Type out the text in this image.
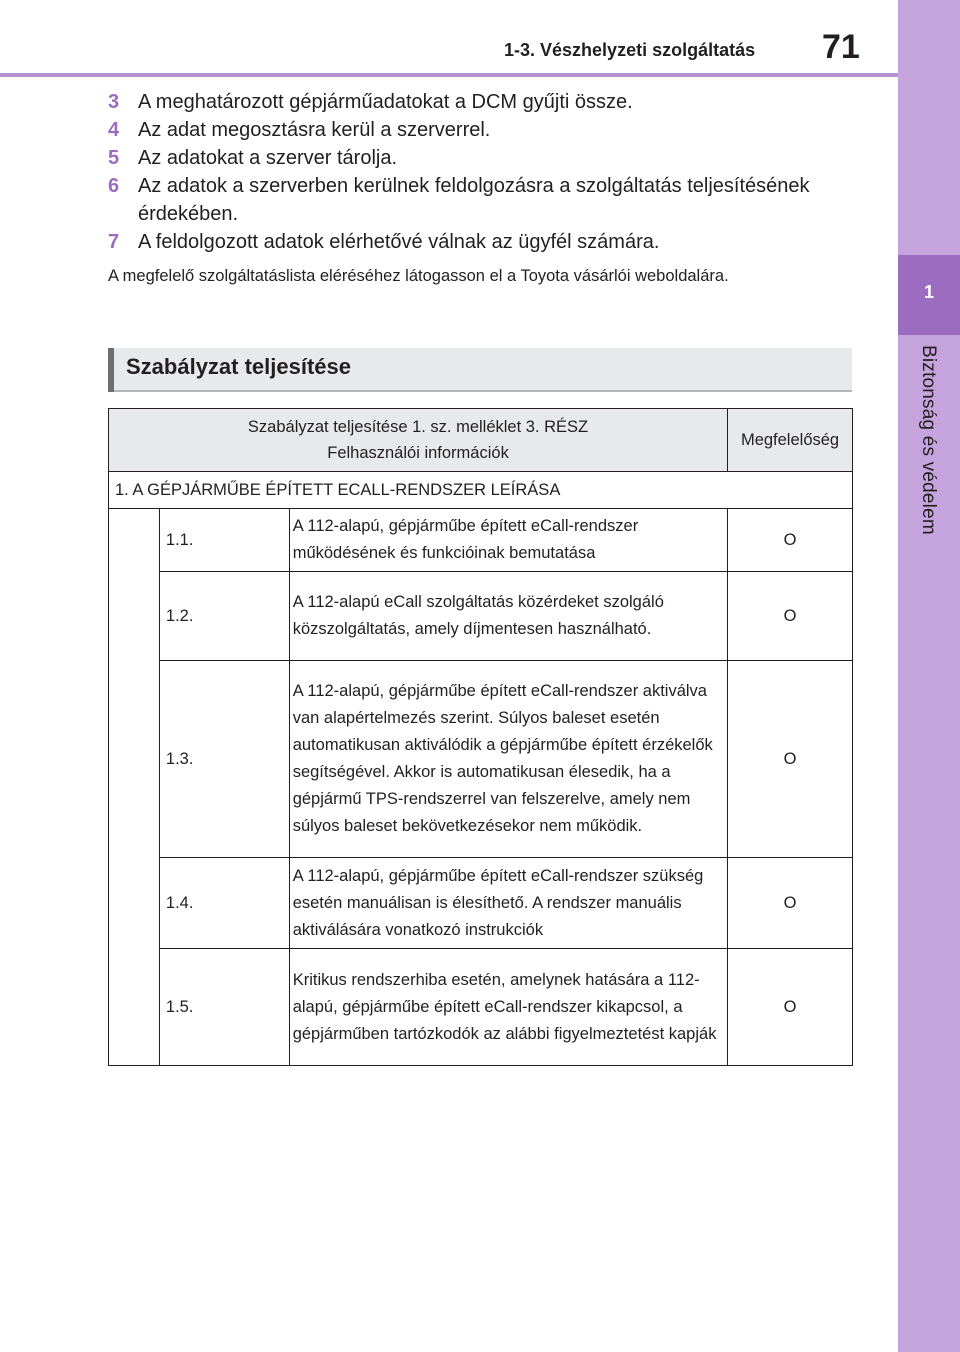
1-3. Vészhelyzeti szolgáltatás 71
1
Biztonság és védelem
3 A meghatározott gépjárműadatokat a DCM gyűjti össze.
4 Az adat megosztásra kerül a szerverrel.
5 Az adatokat a szerver tárolja.
6 Az adatok a szerverben kerülnek feldolgozásra a szolgáltatás teljesítésének érdekében.
7 A feldolgozott adatok elérhetővé válnak az ügyfél számára.
A megfelelő szolgáltatáslista eléréséhez látogasson el a Toyota vásárlói weboldalára.
Szabályzat teljesítése
Szabályzat teljesítése 1. sz. melléklet 3. RÉSZ
Felhasználói információk			Megfelelőség
1. A GÉPJÁRMŰBE ÉPÍTETT ECALL-RENDSZER LEÍRÁSA			
	1.1.	A 112-alapú, gépjárműbe épített eCall-rendszer működésének és funkcióinak bemutatása	O
	1.2.	A 112-alapú eCall szolgáltatás közérdeket szolgáló közszolgáltatás, amely díjmentesen használható.	O
	1.3.	A 112-alapú, gépjárműbe épített eCall-rendszer aktiválva van alapértelmezés szerint. Súlyos baleset esetén automatikusan aktiválódik a gépjárműbe épített érzékelők segítségével. Akkor is automatikusan élesedik, ha a gépjármű TPS-rendszerrel van felszerelve, amely nem súlyos baleset bekövetkezésekor nem működik.	O
	1.4.	A 112-alapú, gépjárműbe épített eCall-rendszer szükség esetén manuálisan is élesíthető. A rendszer manuális aktiválására vonatkozó instrukciók	O
	1.5.	Kritikus rendszerhiba esetén, amelynek hatására a 112-alapú, gépjárműbe épített eCall-rendszer kikapcsol, a gépjárműben tartózkodók az alábbi figyelmeztetést kapják	O
